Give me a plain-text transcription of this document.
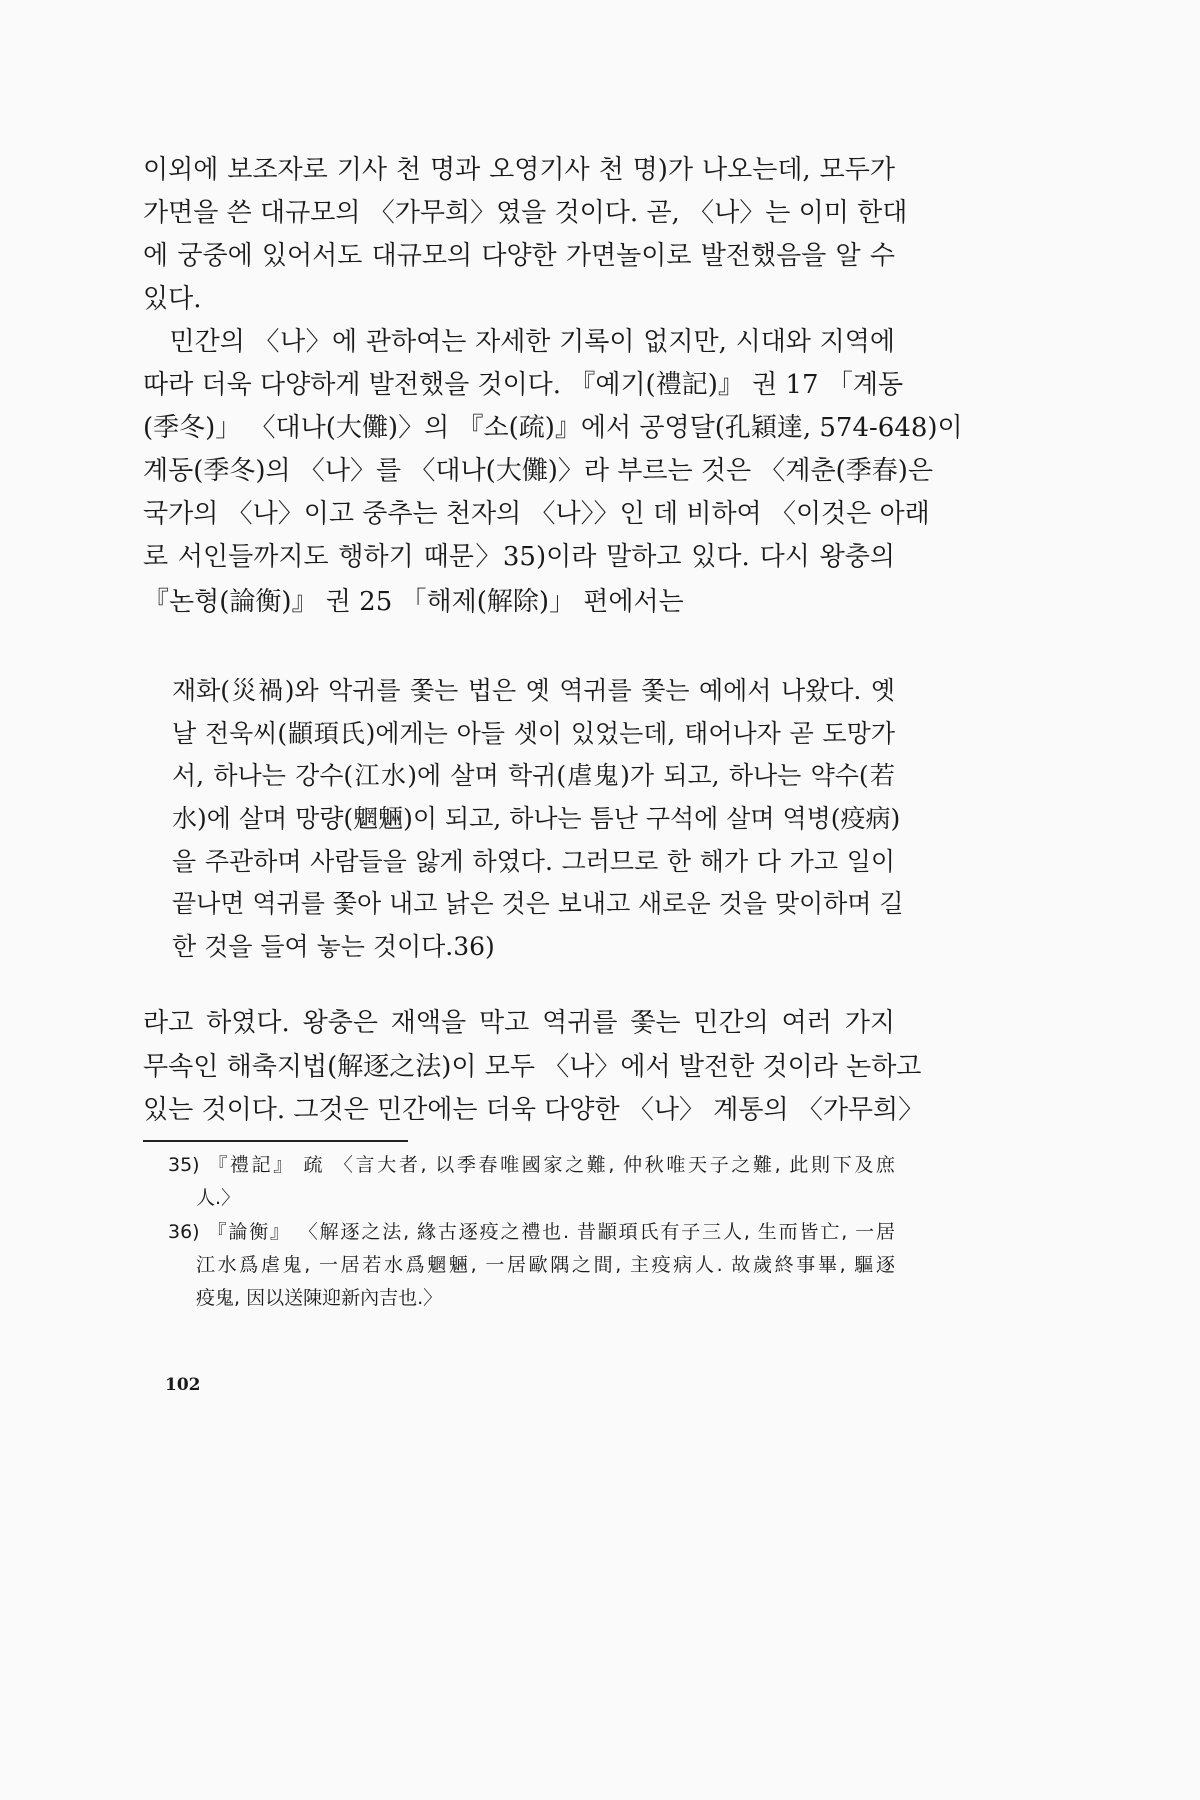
이외에 보조자로 기사 천 명과 오영기사 천 명)가 나오는데, 모두가
가면을 쓴 대규모의 〈가무희〉였을 것이다. 곧, 〈나〉는 이미 한대
에 궁중에 있어서도 대규모의 다양한 가면놀이로 발전했음을 알 수
있다.
　민간의 〈나〉에 관하여는 자세한 기록이 없지만, 시대와 지역에
따라 더욱 다양하게 발전했을 것이다. 『예기(禮記)』 권 17 「계동
(季冬)」 〈대나(大儺)〉의 『소(疏)』에서 공영달(孔穎達, 574-648)이
계동(季冬)의 〈나〉를 〈대나(大儺)〉라 부르는 것은 〈계춘(季春)은
국가의 〈나〉이고 중추는 천자의 〈나〉〉인 데 비하여 〈이것은 아래
로 서인들까지도 행하기 때문〉35)이라 말하고 있다. 다시 왕충의
『논형(論衡)』 권 25 「해제(解除)」 편에서는
재화(災禍)와 악귀를 쫓는 법은 옛 역귀를 쫓는 예에서 나왔다. 옛
날 전욱씨(顓頊氏)에게는 아들 셋이 있었는데, 태어나자 곧 도망가
서, 하나는 강수(江水)에 살며 학귀(虐鬼)가 되고, 하나는 약수(若
水)에 살며 망량(魍魎)이 되고, 하나는 틈난 구석에 살며 역병(疫病)
을 주관하며 사람들을 앓게 하였다. 그러므로 한 해가 다 가고 일이
끝나면 역귀를 쫓아 내고 낡은 것은 보내고 새로운 것을 맞이하며 길
한 것을 들여 놓는 것이다.36)
라고 하였다. 왕충은 재액을 막고 역귀를 쫓는 민간의 여러 가지
무속인 해축지법(解逐之法)이 모두 〈나〉에서 발전한 것이라 논하고
있는 것이다. 그것은 민간에는 더욱 다양한 〈나〉 계통의 〈가무희〉
35) 『禮記』 疏 〈言大者, 以季春唯國家之難, 仲秋唯天子之難, 此則下及庶
人.〉
36) 『論衡』 〈解逐之法, 緣古逐疫之禮也. 昔顓頊氏有子三人, 生而皆亡, 一居
江水爲虐鬼, 一居若水爲魍魎, 一居歐隅之間, 主疫病人. 故歲終事畢, 驅逐
疫鬼, 因以送陳迎新內吉也.〉
102
